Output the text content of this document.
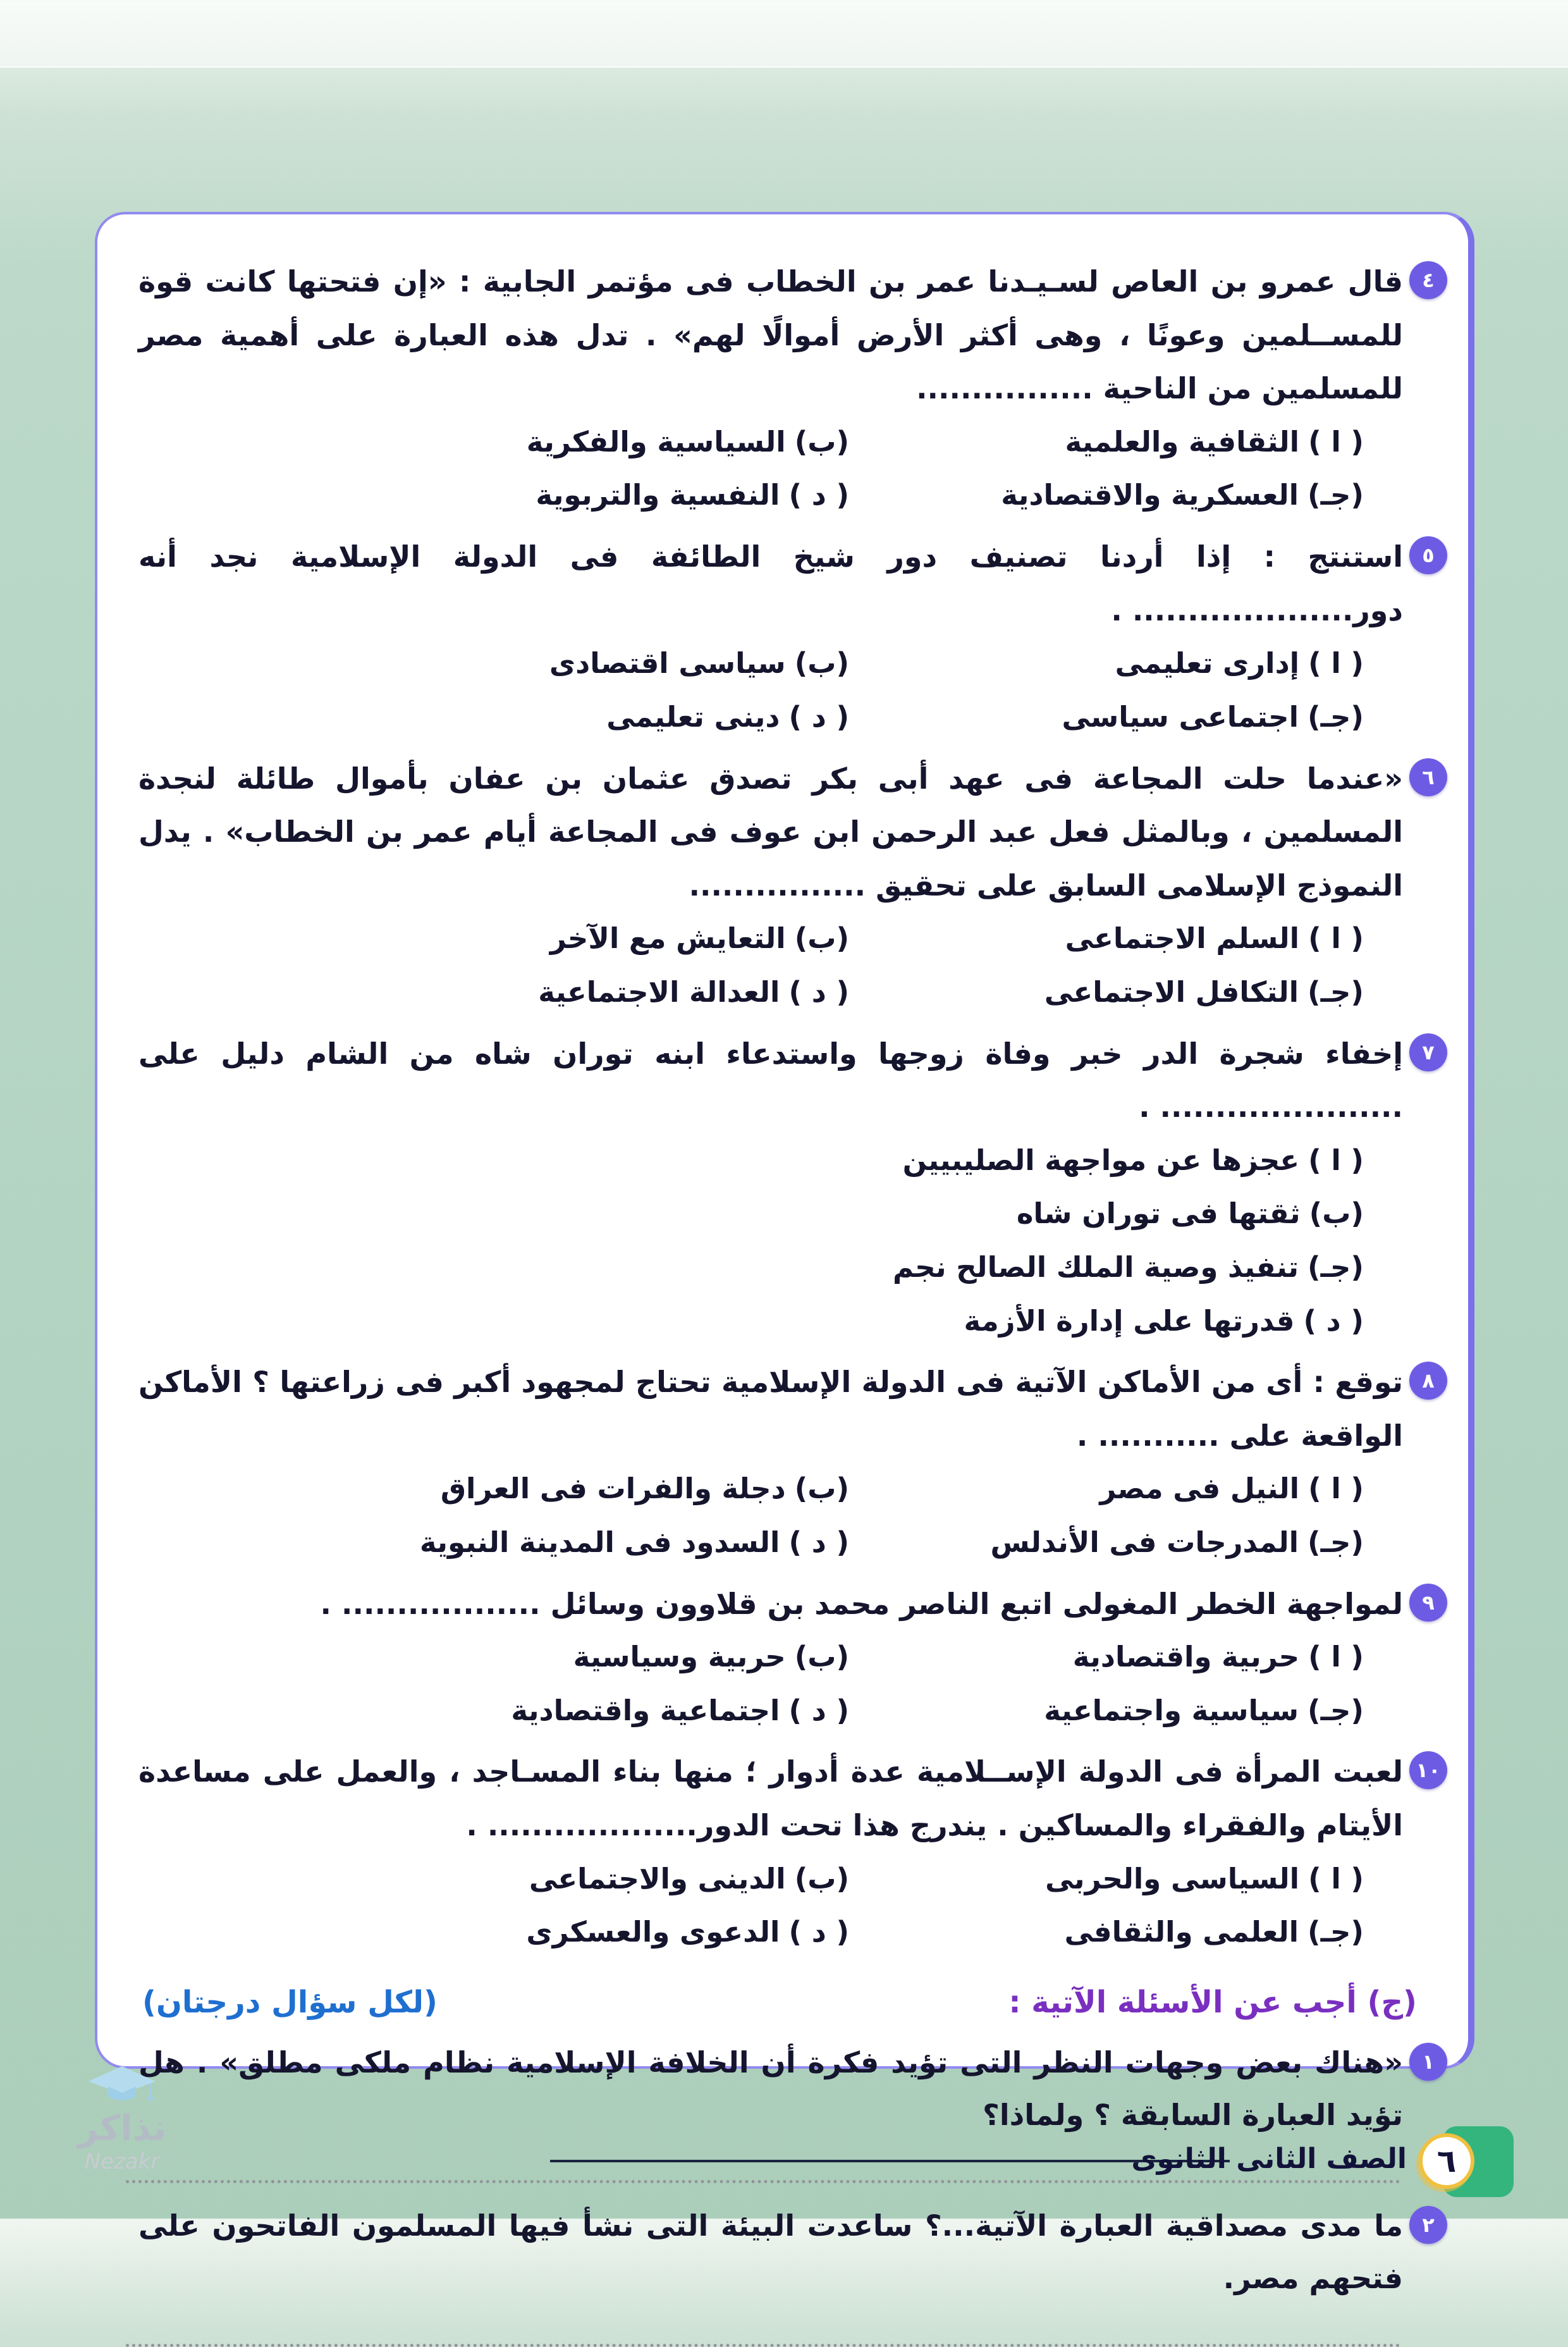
٤

قال عمرو بن العاص لسـيـدنا عمر بن الخطاب فى مؤتمر الجابية : «إن فتحتها كانت قوة للمســلمين وعونًا ، وهى أكثر الأرض أموالًا لهم» . تدل هذه العبارة على أهمية مصر للمسلمين من الناحية ................

( ا )الثقافية والعلمية
(ب)السياسية والفكرية
(جـ)العسكرية والاقتصادية
( د )النفسية والتربوية
٥

استنتج : إذا أردنا تصنيف دور شيخ الطائفة فى الدولة الإسلامية نجد أنه دور.................... .

( ا )إدارى تعليمى
(ب)سياسى اقتصادى
(جـ)اجتماعى سياسى
( د )دينى تعليمى
٦

«عندما حلت المجاعة فى عهد أبى بكر تصدق عثمان بن عفان بأموال طائلة لنجدة المسلمين ، وبالمثل فعل عبد الرحمن ابن عوف فى المجاعة أيام عمر بن الخطاب» . يدل النموذج الإسلامى السابق على تحقيق ................

( ا )السلم الاجتماعى
(ب)التعايش مع الآخر
(جـ)التكافل الاجتماعى
( د )العدالة الاجتماعية
٧

إخفاء شجرة الدر خبر وفاة زوجها واستدعاء ابنه توران شاه من الشام دليل على ...................... .

( ا )عجزها عن مواجهة الصليبيين
(ب)ثقتها فى توران شاه
(جـ)تنفيذ وصية الملك الصالح نجم
( د )قدرتها على إدارة الأزمة
٨

توقع : أى من الأماكن الآتية فى الدولة الإسلامية تحتاج لمجهود أكبر فى زراعتها ؟ الأماكن الواقعة على ........... .

( ا )النيل فى مصر
(ب)دجلة والفرات فى العراق
(جـ)المدرجات فى الأندلس
( د )السدود فى المدينة النبوية
٩

لمواجهة الخطر المغولى اتبع الناصر محمد بن قلاوون وسائل .................. .

( ا )حربية واقتصادية
(ب)حربية وسياسية
(جـ)سياسية واجتماعية
( د )اجتماعية واقتصادية
١٠

لعبت المرأة فى الدولة الإســلامية عدة أدوار ؛ منها بناء المسـاجد ، والعمل على مساعدة الأيتام والفقراء والمساكين . يندرج هذا تحت الدور................... .

( ا )السياسى والحربى
(ب)الدينى والاجتماعى
(جـ)العلمى والثقافى
( د )الدعوى والعسكرى
(ج) أجب عن الأسئلة الآتية :
(لكل سؤال درجتان)
١

«هناك بعض وجهات النظر التى تؤيد فكرة أن الخلافة الإسلامية نظام ملكى مطلق» . هل تؤيد العبارة السابقة ؟ ولماذا؟

٢

ما مدى مصداقية العبارة الآتية...؟ ساعدت البيئة التى نشأ فيها المسلمون الفاتحون على فتحهم مصر.

الصف الثانى الثانوى ٦
نذاكر
Nezakr
